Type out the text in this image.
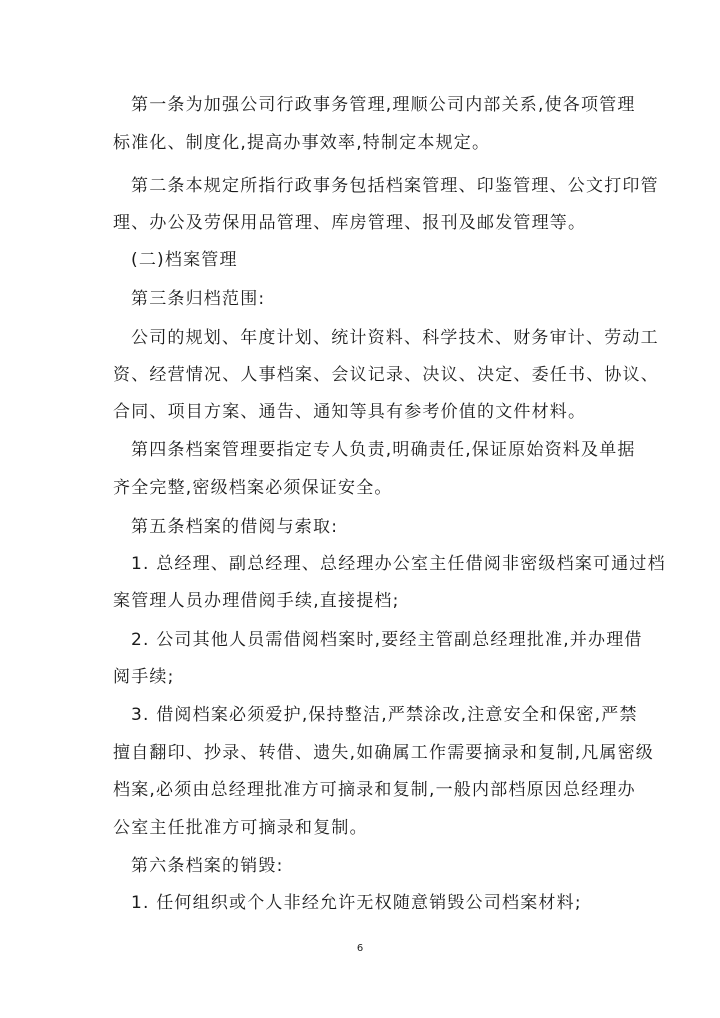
第一条为加强公司行政事务管理,理顺公司内部关系,使各项管理
标准化、制度化,提高办事效率,特制定本规定。
第二条本规定所指行政事务包括档案管理、印鉴管理、公文打印管
理、办公及劳保用品管理、库房管理、报刊及邮发管理等。
(二)档案管理
第三条归档范围:
公司的规划、年度计划、统计资料、科学技术、财务审计、劳动工
资、经营情况、人事档案、会议记录、决议、决定、委任书、协议、
合同、项目方案、通告、通知等具有参考价值的文件材料。
第四条档案管理要指定专人负责,明确责任,保证原始资料及单据
齐全完整,密级档案必须保证安全。
第五条档案的借阅与索取:
1. 总经理、副总经理、总经理办公室主任借阅非密级档案可通过档
案管理人员办理借阅手续,直接提档;
2. 公司其他人员需借阅档案时,要经主管副总经理批准,并办理借
阅手续;
3. 借阅档案必须爱护,保持整洁,严禁涂改,注意安全和保密,严禁
擅自翻印、抄录、转借、遗失,如确属工作需要摘录和复制,凡属密级
档案,必须由总经理批准方可摘录和复制,一般内部档原因总经理办
公室主任批准方可摘录和复制。
第六条档案的销毁:
1. 任何组织或个人非经允许无权随意销毁公司档案材料;
6
